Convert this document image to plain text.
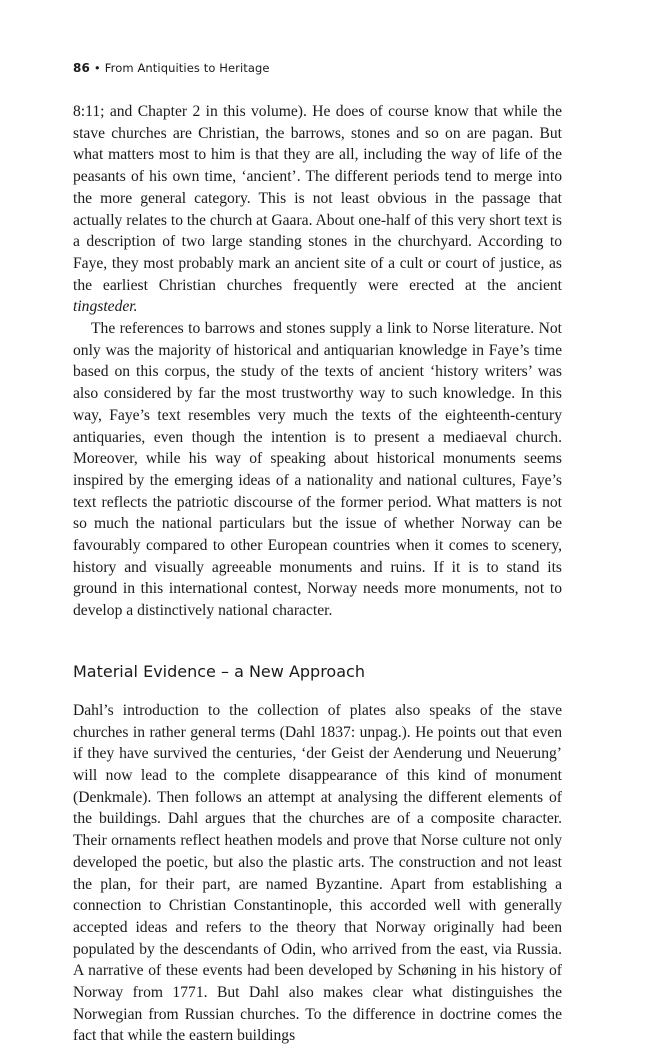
86 • From Antiquities to Heritage

8:11; and Chapter 2 in this volume). He does of course know that while the stave churches are Christian, the barrows, stones and so on are pagan. But what matters most to him is that they are all, including the way of life of the peasants of his own time, ‘ancient’. The different periods tend to merge into the more general category. This is not least obvious in the passage that actually relates to the church at Gaara. About one-half of this very short text is a description of two large standing stones in the churchyard. According to Faye, they most probably mark an ancient site of a cult or court of justice, as the earliest Christian churches frequently were erected at the ancient tingsteder.

The references to barrows and stones supply a link to Norse literature. Not only was the majority of historical and antiquarian knowledge in Faye’s time based on this corpus, the study of the texts of ancient ‘history writers’ was also considered by far the most trustworthy way to such knowledge. In this way, Faye’s text resembles very much the texts of the eighteenth-century antiquaries, even though the intention is to present a mediaeval church. Moreover, while his way of speaking about historical monuments seems inspired by the emerging ideas of a nationality and national cultures, Faye’s text reflects the patriotic discourse of the former period. What matters is not so much the national particulars but the issue of whether Norway can be favourably compared to other European countries when it comes to scenery, history and visually agreeable monuments and ruins. If it is to stand its ground in this international contest, Norway needs more monuments, not to develop a distinctively national character.

Material Evidence – a New Approach

Dahl’s introduction to the collection of plates also speaks of the stave churches in rather general terms (Dahl 1837: unpag.). He points out that even if they have survived the centuries, ‘der Geist der Aenderung und Neuerung’ will now lead to the complete disappearance of this kind of monument (Denkmale). Then follows an attempt at analysing the different elements of the buildings. Dahl argues that the churches are of a composite character. Their ornaments reflect heathen models and prove that Norse culture not only developed the poetic, but also the plastic arts. The construction and not least the plan, for their part, are named Byzantine. Apart from establishing a connection to Christian Constantinople, this accorded well with generally accepted ideas and refers to the theory that Norway originally had been populated by the descendants of Odin, who arrived from the east, via Russia. A narrative of these events had been developed by Schøning in his history of Norway from 1771. But Dahl also makes clear what distinguishes the Norwegian from Russian churches. To the difference in doctrine comes the fact that while the eastern buildings
